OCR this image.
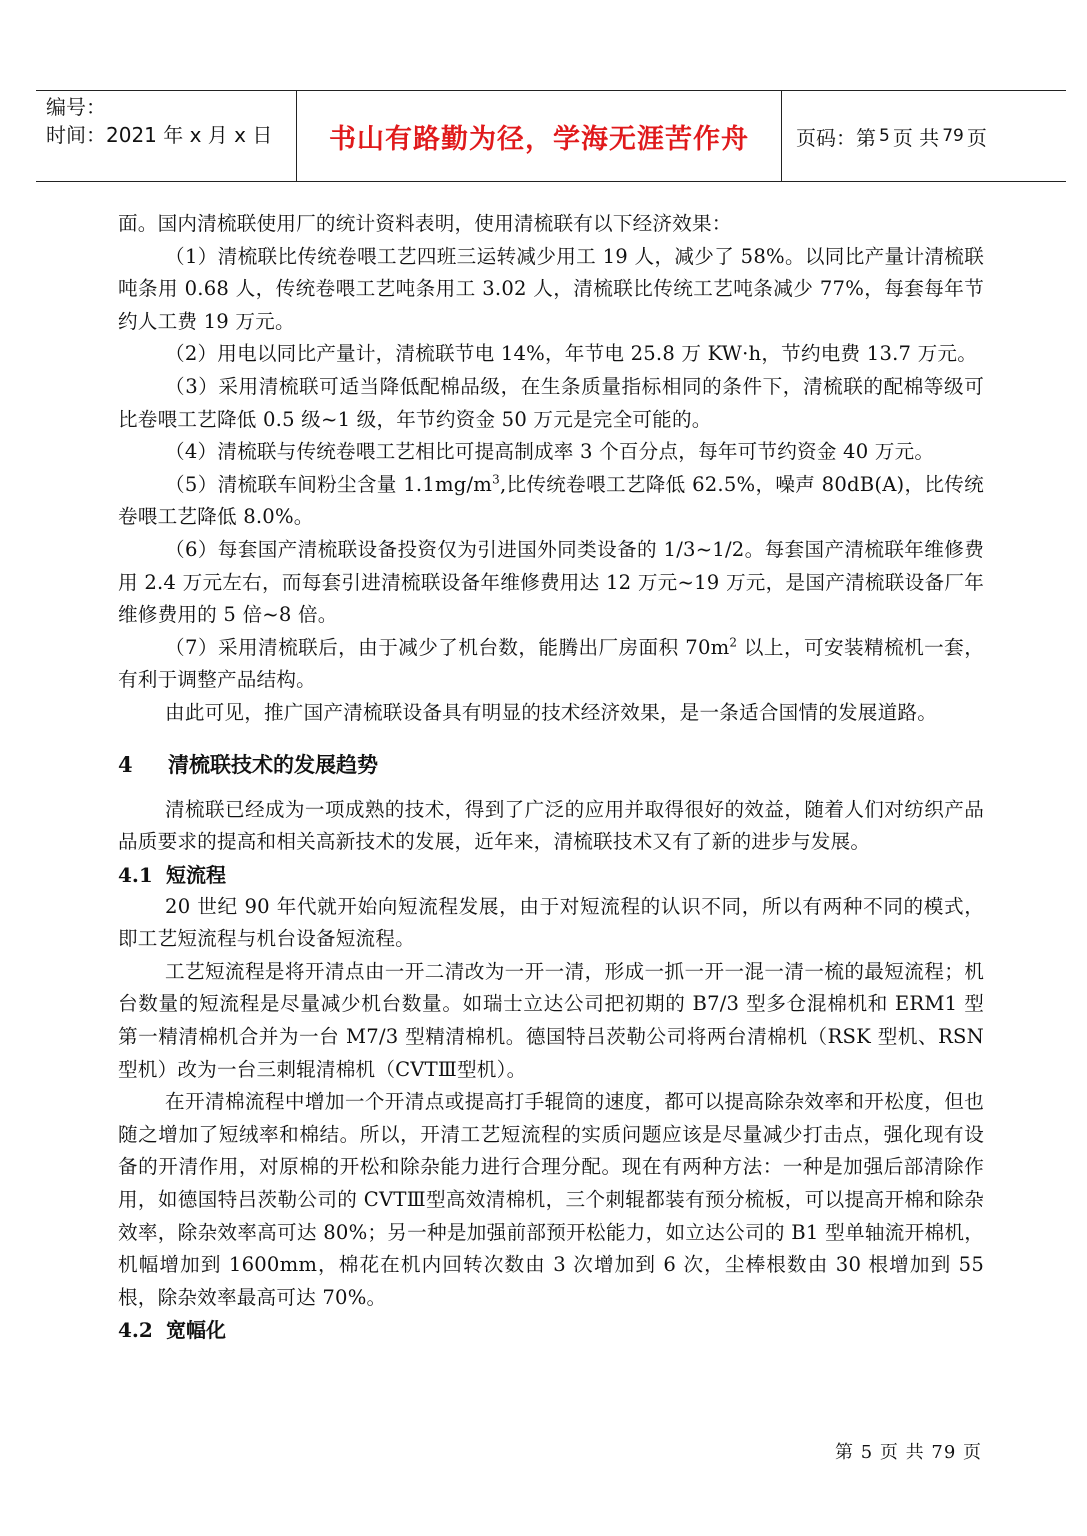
编号：
时间：2021 年 x 月 x 日	书山有路勤为径，学海无涯苦作舟 页码：第 5 页 共 79 页

面。国内清梳联使用厂的统计资料表明，使用清梳联有以下经济效果：

（1）清梳联比传统卷喂工艺四班三运转减少用工 19 人，减少了 58%。以同比产量计清梳联吨条用 0.68 人，传统卷喂工艺吨条用工 3.02 人，清梳联比传统工艺吨条减少 77%，每套每年节约人工费 19 万元。

（2）用电以同比产量计，清梳联节电 14%，年节电 25.8 万 KW·h，节约电费 13.7 万元。

（3）采用清梳联可适当降低配棉品级，在生条质量指标相同的条件下，清梳联的配棉等级可比卷喂工艺降低 0.5 级~1 级，年节约资金 50 万元是完全可能的。

（4）清梳联与传统卷喂工艺相比可提高制成率 3 个百分点，每年可节约资金 40 万元。

（5）清梳联车间粉尘含量 $1.1mg/m^3$,比传统卷喂工艺降低 62.5%，噪声 80dB(A)，比传统卷喂工艺降低 8.0%。

（6）每套国产清梳联设备投资仅为引进国外同类设备的 1/3~1/2。每套国产清梳联年维修费用 2.4 万元左右，而每套引进清梳联设备年维修费用达 12 万元~19 万元，是国产清梳联设备厂年维修费用的 5 倍~8 倍。

（7）采用清梳联后，由于减少了机台数，能腾出厂房面积 $70m^2$ 以上，可安装精梳机一套，有利于调整产品结构。

由此可见，推广国产清梳联设备具有明显的技术经济效果，是一条适合国情的发展道路。

4 清梳联技术的发展趋势

清梳联已经成为一项成熟的技术，得到了广泛的应用并取得很好的效益，随着人们对纺织产品品质要求的提高和相关高新技术的发展，近年来，清梳联技术又有了新的进步与发展。

4.1 短流程

20 世纪 90 年代就开始向短流程发展，由于对短流程的认识不同，所以有两种不同的模式，即工艺短流程与机台设备短流程。

工艺短流程是将开清点由一开二清改为一开一清，形成一抓一开一混一清一梳的最短流程；机台数量的短流程是尽量减少机台数量。如瑞士立达公司把初期的 B7/3 型多仓混棉机和 ERM1 型第一精清棉机合并为一台 M7/3 型精清棉机。德国特吕茨勒公司将两台清棉机（RSK 型机、RSN 型机）改为一台三刺辊清棉机（CVTⅢ型机）。

在开清棉流程中增加一个开清点或提高打手辊筒的速度，都可以提高除杂效率和开松度，但也随之增加了短绒率和棉结。所以，开清工艺短流程的实质问题应该是尽量减少打击点，强化现有设备的开清作用，对原棉的开松和除杂能力进行合理分配。现在有两种方法：一种是加强后部清除作用，如德国特吕茨勒公司的 CVTⅢ型高效清棉机，三个刺辊都装有预分梳板，可以提高开棉和除杂效率，除杂效率高可达 80%；另一种是加强前部预开松能力，如立达公司的 B1 型单轴流开棉机，机幅增加到 1600mm，棉花在机内回转次数由 3 次增加到 6 次，尘棒根数由 30 根增加到 55 根，除杂效率最高可达 70%。

4.2 宽幅化
第 5 页 共 79 页
